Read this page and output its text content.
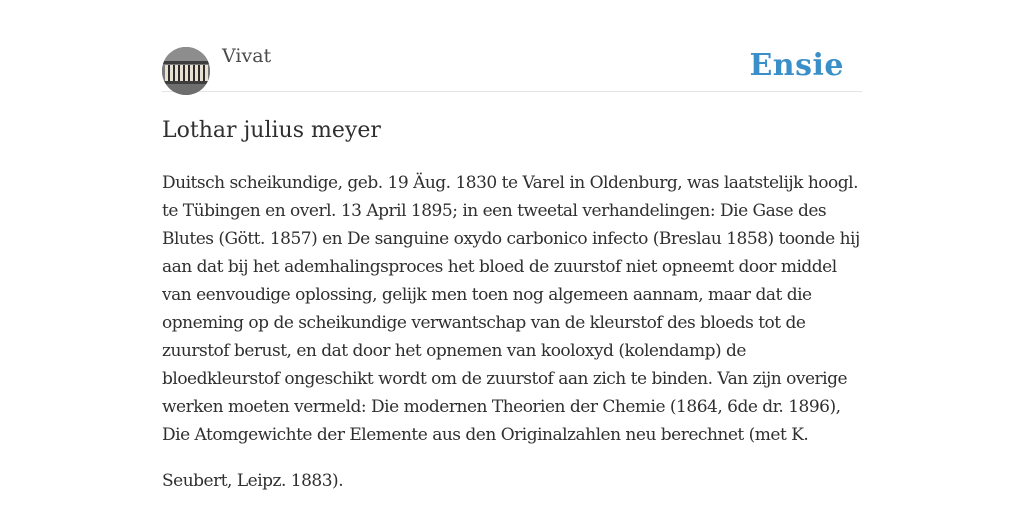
Vivat	Ensie
Lothar julius meyer

Duitsch scheikundige, geb. 19 Äug. 1830 te Varel in Oldenburg, was laatstelijk hoogl. te Tübingen en overl. 13 April 1895; in een tweetal verhandelingen: Die Gase des Blutes (Gött. 1857) en De sanguine oxydo carbonico infecto (Breslau 1858) toonde hij aan dat bij het ademhalingsproces het bloed de zuurstof niet opneemt door middel van eenvoudige oplossing, gelijk men toen nog algemeen aannam, maar dat die opneming op de scheikundige verwantschap van de kleurstof des bloeds tot de zuurstof berust, en dat door het opnemen van kooloxyd (kolendamp) de bloedkleurstof ongeschikt wordt om de zuurstof aan zich te binden. Van zijn overige werken moeten vermeld: Die modernen Theorien der Chemie (1864, 6de dr. 1896), Die Atomgewichte der Elemente aus den Originalzahlen neu berechnet (met K.

Seubert, Leipz. 1883).
